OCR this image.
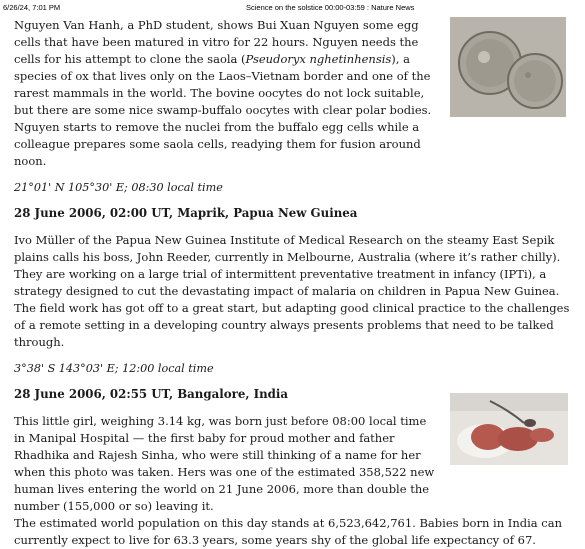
6/26/24, 7:01 PM	Science on the solstice 00:00-03:59 : Nature News

Nguyen Van Hanh, a PhD student, shows Bui Xuan Nguyen some egg cells that have been matured in vitro for 22 hours. Nguyen needs the cells for his attempt to clone the saola (Pseudoryx nghetinhensis), a species of ox that lives only on the Laos–Vietnam border and one of the rarest mammals in the world. The bovine oocytes do not lock suitable, but there are some nice swamp-buffalo oocytes with clear polar bodies. Nguyen starts to remove the nuclei from the buffalo egg cells while a colleague prepares some saola cells, readying them for fusion around noon.

21°01' N 105°30' E; 08:30 local time

28 June 2006, 02:00 UT, Maprik, Papua New Guinea

Ivo Müller of the Papua New Guinea Institute of Medical Research on the steamy East Sepik plains calls his boss, John Reeder, currently in Melbourne, Australia (where it’s rather chilly). They are working on a large trial of intermittent preventative treatment in infancy (IPTi), a strategy designed to cut the devastating impact of malaria on children in Papua New Guinea. The field work has got off to a great start, but adapting good clinical practice to the challenges of a remote setting in a developing country always presents problems that need to be talked through.

3°38' S 143°03' E; 12:00 local time

28 June 2006, 02:55 UT, Bangalore, India

This little girl, weighing 3.14 kg, was born just before 08:00 local time in Manipal Hospital — the first baby for proud mother and father Rhadhika and Rajesh Sinha, who were still thinking of a name for her when this photo was taken. Hers was one of the estimated 358,522 new human lives entering the world on 21 June 2006, more than double the number (155,000 or so) leaving it.

The estimated world population on this day stands at 6,523,642,761. Babies born in India can currently expect to live for 63.3 years, some years shy of the global life expectancy of 67.
